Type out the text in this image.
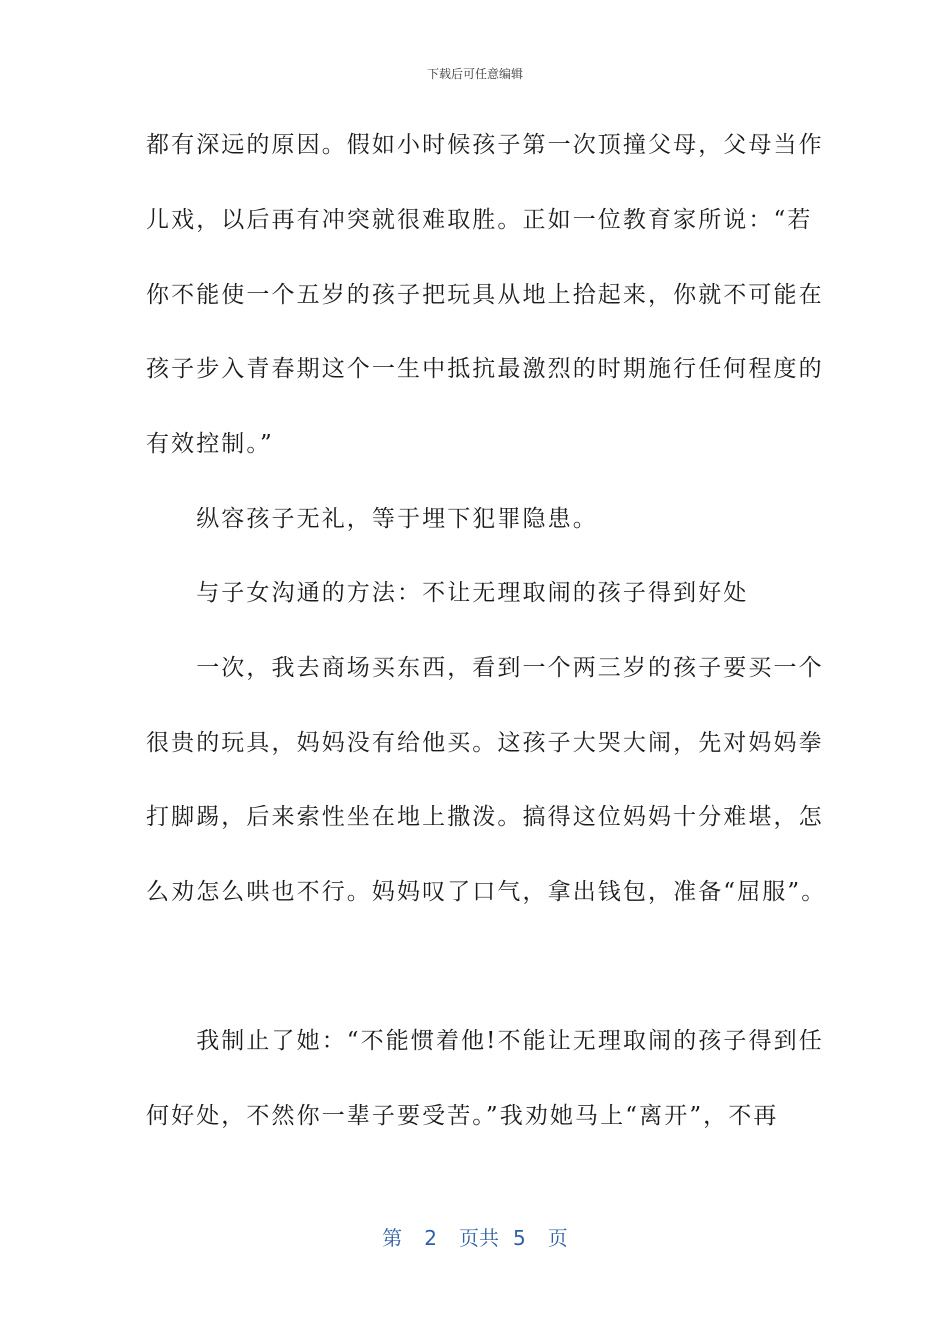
下载后可任意编辑
都有深远的原因。假如小时候孩子第一次顶撞父母，父母当作
儿戏，以后再有冲突就很难取胜。正如一位教育家所说：“若
你不能使一个五岁的孩子把玩具从地上拾起来，你就不可能在
孩子步入青春期这个一生中抵抗最激烈的时期施行任何程度的
有效控制。”
　　纵容孩子无礼，等于埋下犯罪隐患。
　　与子女沟通的方法：不让无理取闹的孩子得到好处
　　一次，我去商场买东西，看到一个两三岁的孩子要买一个
很贵的玩具，妈妈没有给他买。这孩子大哭大闹，先对妈妈拳
打脚踢，后来索性坐在地上撒泼。搞得这位妈妈十分难堪，怎
么劝怎么哄也不行。妈妈叹了口气，拿出钱包，准备“屈服”。
　　我制止了她：“不能惯着他!不能让无理取闹的孩子得到任
何好处，不然你一辈子要受苦。”我劝她马上“离开”，不再
第 2 页共 5 页
